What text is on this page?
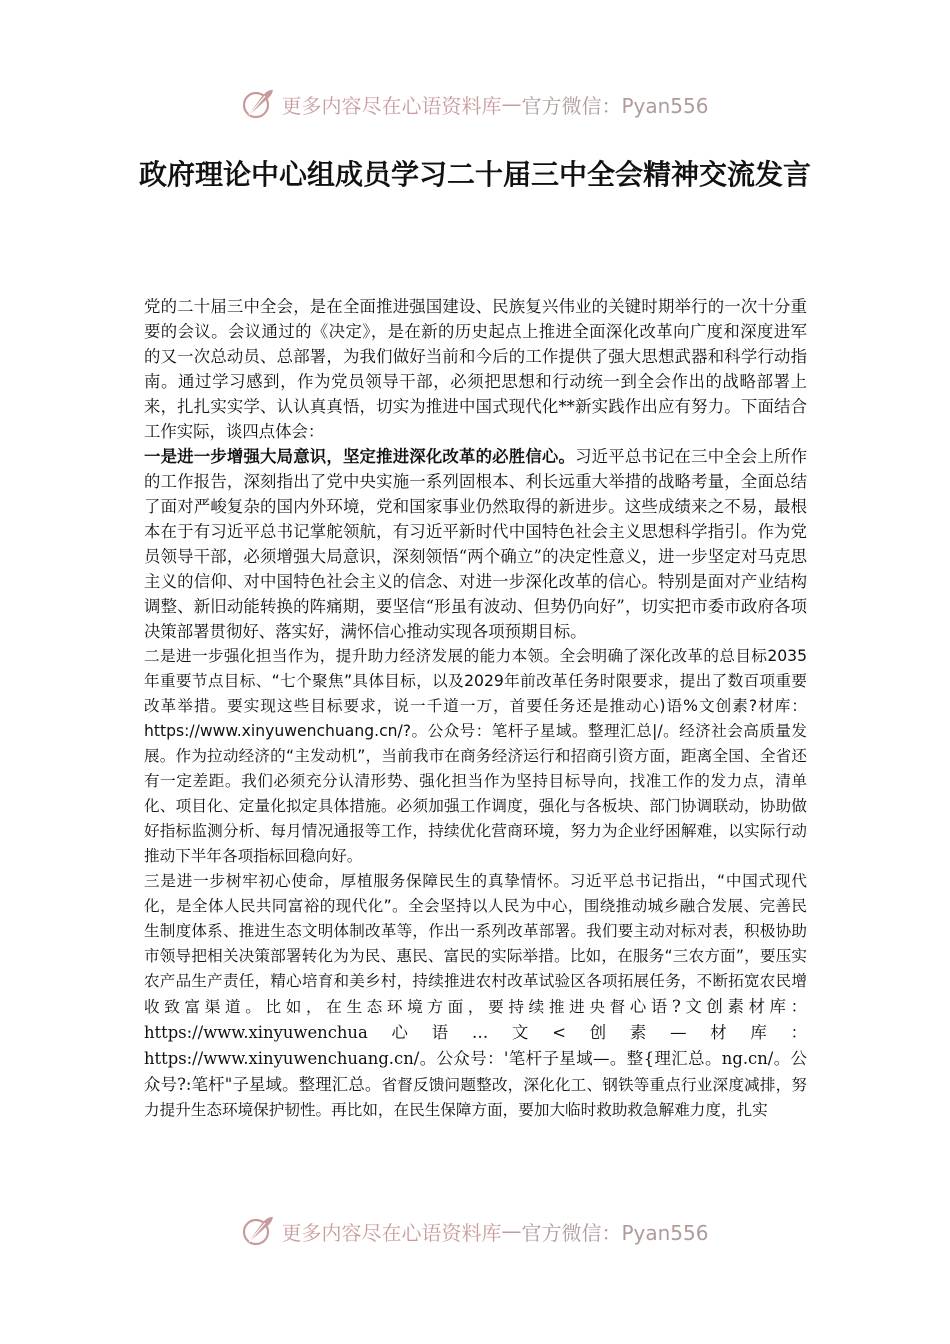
更多内容尽在心语资料库 — 官方微信：Pyan556
政府理论中心组成员学习二十届三中全会精神交流发言

党的二十届三中全会，是在全面推进强国建设、民族复兴伟业的关键时期举行的一次十分重要的会议。会议通过的《决定》，是在新的历史起点上推进全面深化改革向广度和深度进军的又一次总动员、总部署，为我们做好当前和今后的工作提供了强大思想武器和科学行动指南。通过学习感到，作为党员领导干部，必须把思想和行动统一到全会作出的战略部署上来，扎扎实实学、认认真真悟，切实为推进中国式现代化**新实践作出应有努力。下面结合工作实际，谈四点体会：

一是进一步增强大局意识，坚定推进深化改革的必胜信心。习近平总书记在三中全会上所作的工作报告，深刻指出了党中央实施一系列固根本、利长远重大举措的战略考量，全面总结了面对严峻复杂的国内外环境，党和国家事业仍然取得的新进步。这些成绩来之不易，最根本在于有习近平总书记掌舵领航，有习近平新时代中国特色社会主义思想科学指引。作为党员领导干部，必须增强大局意识，深刻领悟“两个确立”的决定性意义，进一步坚定对马克思主义的信仰、对中国特色社会主义的信念、对进一步深化改革的信心。特别是面对产业结构调整、新旧动能转换的阵痛期，要坚信“形虽有波动、但势仍向好”，切实把市委市政府各项决策部署贯彻好、落实好，满怀信心推动实现各项预期目标。

二是进一步强化担当作为，提升助力经济发展的能力本领。全会明确了深化改革的总目标2035年重要节点目标、“七个聚焦”具体目标，以及2029年前改革任务时限要求，提出了数百项重要改革举措。要实现这些目标要求，说一千道一万，首要任务还是推动心)语%文创素?材库：https://www.xinyuwenchuang.cn/?。公众号：笔杆子星域。整理汇总|/。经济社会高质量发展。作为拉动经济的“主发动机”，当前我市在商务经济运行和招商引资方面，距离全国、全省还有一定差距。我们必须充分认清形势、强化担当作为坚持目标导向，找准工作的发力点，清单化、项目化、定量化拟定具体措施。必须加强工作调度，强化与各板块、部门协调联动，协助做好指标监测分析、每月情况通报等工作，持续优化营商环境，努力为企业纾困解难，以实际行动推动下半年各项指标回稳向好。

三是进一步树牢初心使命，厚植服务保障民生的真挚情怀。习近平总书记指出，“中国式现代化，是全体人民共同富裕的现代化”。全会坚持以人民为中心，围绕推动城乡融合发展、完善民生制度体系、推进生态文明体制改革等，作出一系列改革部署。我们要主动对标对表，积极协助市领导把相关决策部署转化为为民、惠民、富民的实际举措。比如，在服务“三农方面”，要压实农产品生产责任，精心培育和美乡村，持续推进农村改革试验区各项拓展任务，不断拓宽农民增收致富渠道。比如，在生态环境方面，要持续推进央督心语?文创素材库：https://www.xinyuwenchua心语…文<创素—材库：https://www.xinyuwenchuang.cn/。公众号：'笔杆子星域—。整{理汇总。ng.cn/。公众号?:笔杆"子星域。整理汇总。省督反馈问题整改，深化化工、钢铁等重点行业深度减排，努力提升生态环境保护韧性。再比如，在民生保障方面，要加大临时救助救急解难力度，扎实

更多内容尽在心语资料库 — 官方微信：Pyan556
